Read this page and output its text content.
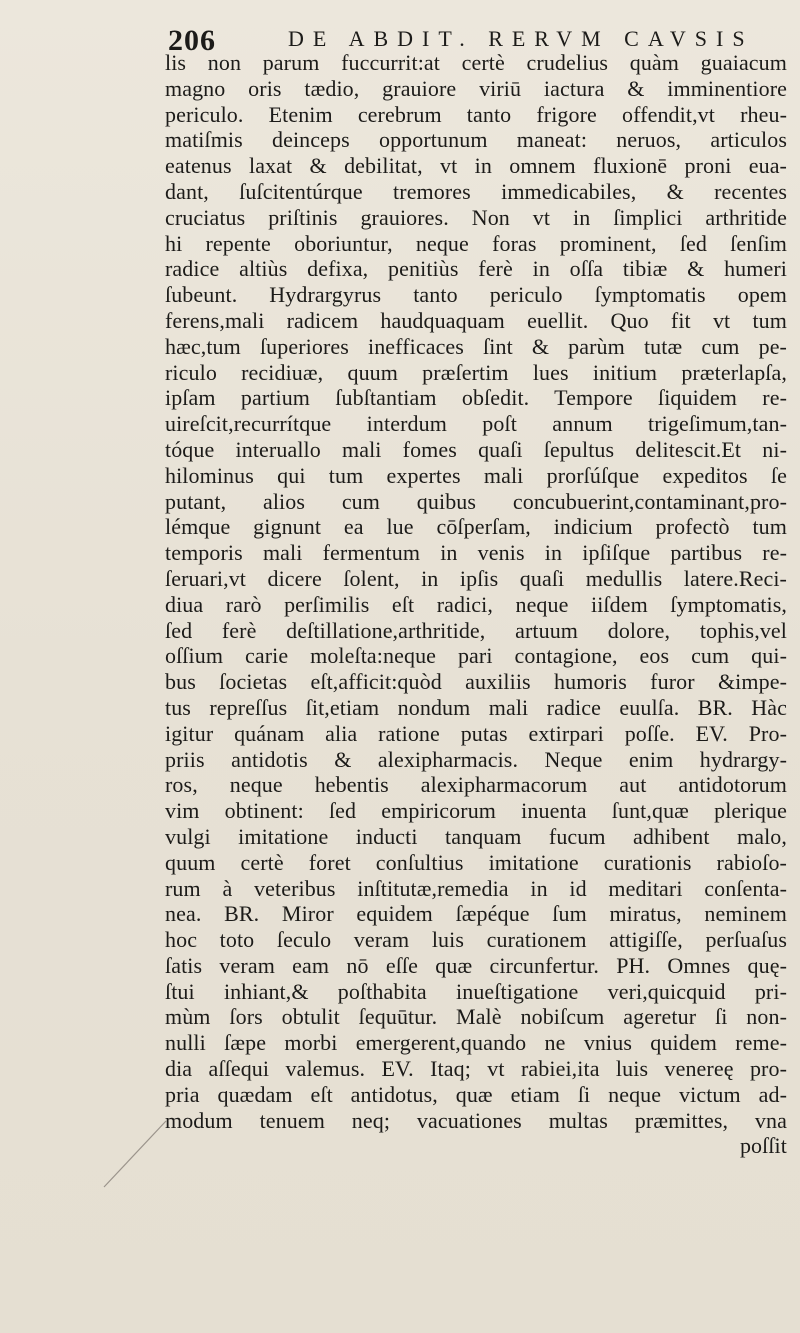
206	DE ABDIT. RERVM CAVSIS
lis non parum fuccurrit:at certè crudelius quàm guaiacum
magno oris tædio, grauiore viriū iactura & imminentiore
periculo. Etenim cerebrum tanto frigore offendit,vt rheu-
matiſmis deinceps opportunum maneat: neruos, articulos
eatenus laxat & debilitat, vt in omnem fluxionē proni eua-
dant, ſuſcitentúrque tremores immedicabiles, & recentes
cruciatus priſtinis grauiores. Non vt in ſimplici arthritide
hi repente oboriuntur, neque foras prominent, ſed ſenſim
radice altiùs defixa, penitiùs ferè in oſſa tibiæ & humeri
ſubeunt. Hydrargyrus tanto periculo ſymptomatis opem
ferens,mali radicem haudquaquam euellit. Quo fit vt tum
hæc,tum ſuperiores inefficaces ſint & parùm tutæ cum pe-
riculo recidiuæ, quum præſertim lues initium præterlapſa,
ipſam partium ſubſtantiam obſedit. Tempore ſiquidem re-
uireſcit,recurrítque interdum poſt annum trigeſimum,tan-
tóque interuallo mali fomes quaſi ſepultus delitescit.Et ni-
hilominus qui tum expertes mali prorſúſque expeditos ſe
putant, alios cum quibus concubuerint,contaminant,pro-
lémque gignunt ea lue cōſperſam, indicium profectò tum
temporis mali fermentum in venis in ipſiſque partibus re-
ſeruari,vt dicere ſolent, in ipſis quaſi medullis latere.Reci-
diua rarò perſimilis eſt radici, neque iiſdem ſymptomatis,
ſed ferè deſtillatione,arthritide, artuum dolore, tophis,vel
oſſium carie moleſta:neque pari contagione, eos cum qui-
bus ſocietas eſt,afficit:quòd auxiliis humoris furor &impe-
tus repreſſus ſit,etiam nondum mali radice euulſa. BR. Hàc
igitur quánam alia ratione putas extirpari poſſe. EV. Pro-
priis antidotis & alexipharmacis. Neque enim hydrargy-
ros, neque hebentis alexipharmacorum aut antidotorum
vim obtinent: ſed empiricorum inuenta ſunt,quæ plerique
vulgi imitatione inducti tanquam fucum adhibent malo,
quum certè foret conſultius imitatione curationis rabioſo-
rum à veteribus inſtitutæ,remedia in id meditari conſenta-
nea. BR. Miror equidem ſæpéque ſum miratus, neminem
hoc toto ſeculo veram luis curationem attigiſſe, perſuaſus
ſatis veram eam nō eſſe quæ circunfertur. PH. Omnes quę-
ſtui inhiant,& poſthabita inueſtigatione veri,quicquid pri-
mùm ſors obtulit ſequūtur. Malè nobiſcum ageretur ſi non-
nulli ſæpe morbi emergerent,quando ne vnius quidem reme-
dia aſſequi valemus. EV. Itaq; vt rabiei,ita luis venereę pro-
pria quædam eſt antidotus, quæ etiam ſi neque victum ad-
modum tenuem neq; vacuationes multas præmittes, vna
poſſit
